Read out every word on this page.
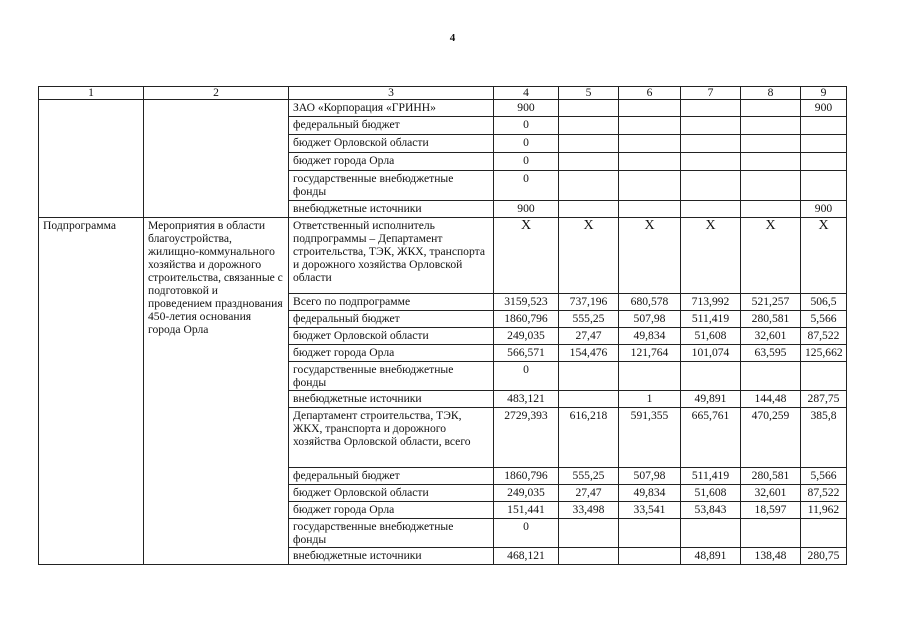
4
1	2	3	4	5	6	7	8	9
		ЗАО «Корпорация «ГРИНН»	900					900
		федеральный бюджет	0					
		бюджет Орловской области	0					
		бюджет города Орла	0					
		государственные внебюджетные фонды	0					
		внебюджетные источники	900					900
Подпрограмма	Мероприятия в области благоустройства, жилищно-коммунального хозяйства и дорожного строительства, связанные с подготовкой и проведением празднования 450-летия основания города Орла	Ответственный исполнитель подпрограммы – Департамент строительства, ТЭК, ЖКХ, транспорта и дорожного хозяйства Орловской области	Х	Х	Х	Х	Х	Х
		Всего по подпрограмме	3159,523	737,196	680,578	713,992	521,257	506,5
		федеральный бюджет	1860,796	555,25	507,98	511,419	280,581	5,566
		бюджет Орловской области	249,035	27,47	49,834	51,608	32,601	87,522
		бюджет города Орла	566,571	154,476	121,764	101,074	63,595	125,662
		государственные внебюджетные фонды	0					
		внебюджетные источники	483,121		1	49,891	144,48	287,75
		Департамент строительства, ТЭК, ЖКХ, транспорта и дорожного хозяйства Орловской области, всего	2729,393	616,218	591,355	665,761	470,259	385,8
		федеральный бюджет	1860,796	555,25	507,98	511,419	280,581	5,566
		бюджет Орловской области	249,035	27,47	49,834	51,608	32,601	87,522
		бюджет города Орла	151,441	33,498	33,541	53,843	18,597	11,962
		государственные внебюджетные фонды	0					
		внебюджетные источники	468,121			48,891	138,48	280,75
